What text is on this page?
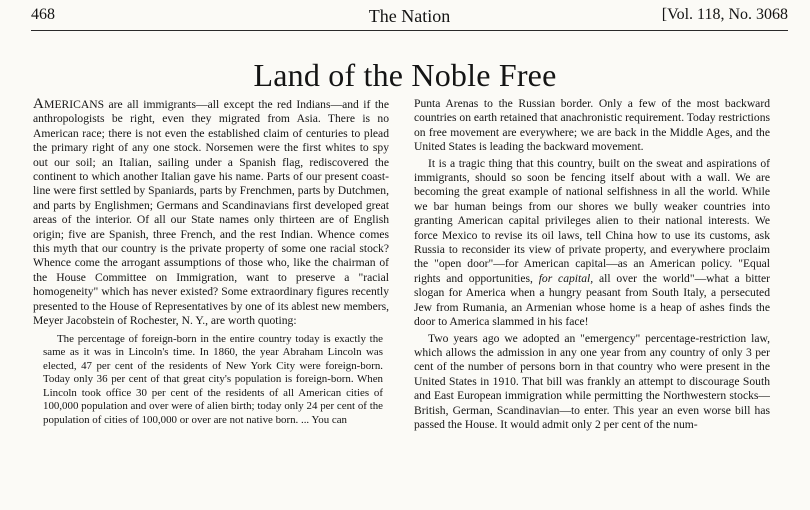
468	The Nation	[Vol. 118, No. 3068
Land of the Noble Free

AMERICANS are all immigrants—all except the red Indians—and if the anthropologists be right, even they migrated from Asia. There is no American race; there is not even the established claim of centuries to plead the primary right of any one stock. Norsemen were the first whites to spy out our soil; an Italian, sailing under a Spanish flag, rediscovered the continent to which another Italian gave his name. Parts of our present coast-line were first settled by Spaniards, parts by Frenchmen, parts by Dutchmen, and parts by Englishmen; Germans and Scandinavians first developed great areas of the interior. Of all our State names only thirteen are of English origin; five are Spanish, three French, and the rest Indian. Whence comes this myth that our country is the private property of some one racial stock? Whence come the arrogant assumptions of those who, like the chairman of the House Committee on Immigration, want to preserve a "racial homogeneity" which has never existed? Some extraordinary figures recently presented to the House of Representatives by one of its ablest new members, Meyer Jacobstein of Rochester, N. Y., are worth quoting:

The percentage of foreign-born in the entire country today is exactly the same as it was in Lincoln's time. In 1860, the year Abraham Lincoln was elected, 47 per cent of the residents of New York City were foreign-born. Today only 36 per cent of that great city's population is foreign-born. When Lincoln took office 30 per cent of the residents of all American cities of 100,000 population and over were of alien birth; today only 24 per cent of the population of cities of 100,000 or over are not native born. ... You can

Punta Arenas to the Russian border. Only a few of the most backward countries on earth retained that anachronistic requirement. Today restrictions on free movement are everywhere; we are back in the Middle Ages, and the United States is leading the backward movement.

It is a tragic thing that this country, built on the sweat and aspirations of immigrants, should so soon be fencing itself about with a wall. We are becoming the great example of national selfishness in all the world. While we bar human beings from our shores we bully weaker countries into granting American capital privileges alien to their national interests. We force Mexico to revise its oil laws, tell China how to use its customs, ask Russia to reconsider its view of private property, and everywhere proclaim the "open door"—for American capital—as an American policy. "Equal rights and opportunities, for capital, all over the world"—what a bitter slogan for America when a hungry peasant from South Italy, a persecuted Jew from Rumania, an Armenian whose home is a heap of ashes finds the door to America slammed in his face!

Two years ago we adopted an "emergency" percentage-restriction law, which allows the admission in any one year from any country of only 3 per cent of the number of persons born in that country who were present in the United States in 1910. That bill was frankly an attempt to discourage South and East European immigration while permitting the Northwestern stocks—British, German, Scandinavian—to enter. This year an even worse bill has passed the House. It would admit only 2 per cent of the num-
